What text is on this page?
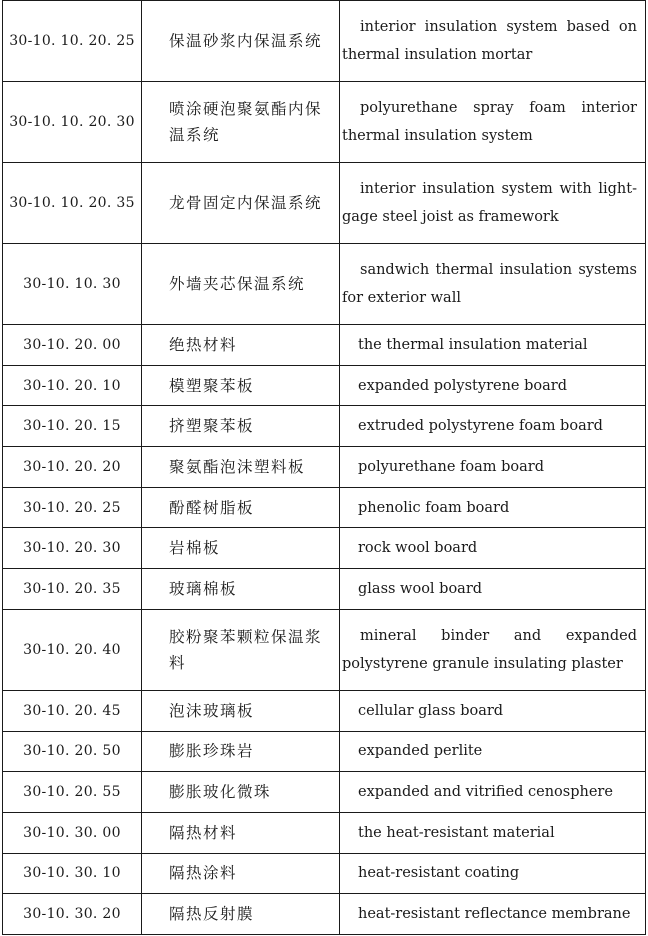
30-10. 10. 20. 25	保温砂浆内保温系统	interior insulation system based on thermal insulation mortar
30-10. 10. 20. 30	喷涂硬泡聚氨酯内保温系统	polyurethane spray foam interior thermal insulation system
30-10. 10. 20. 35	龙骨固定内保温系统	interior insulation system with light-gage steel joist as framework
30-10. 10. 30	外墙夹芯保温系统	sandwich thermal insulation systems for exterior wall
30-10. 20. 00	绝热材料	the thermal insulation material
30-10. 20. 10	模塑聚苯板	expanded polystyrene board
30-10. 20. 15	挤塑聚苯板	extruded polystyrene foam board
30-10. 20. 20	聚氨酯泡沫塑料板	polyurethane foam board
30-10. 20. 25	酚醛树脂板	phenolic foam board
30-10. 20. 30	岩棉板	rock wool board
30-10. 20. 35	玻璃棉板	glass wool board
30-10. 20. 40	胶粉聚苯颗粒保温浆料	mineral binder and expanded polystyrene granule insulating plaster
30-10. 20. 45	泡沫玻璃板	cellular glass board
30-10. 20. 50	膨胀珍珠岩	expanded perlite
30-10. 20. 55	膨胀玻化微珠	expanded and vitrified cenosphere
30-10. 30. 00	隔热材料	the heat-resistant material
30-10. 30. 10	隔热涂料	heat-resistant coating
30-10. 30. 20	隔热反射膜	heat-resistant reflectance membrane
